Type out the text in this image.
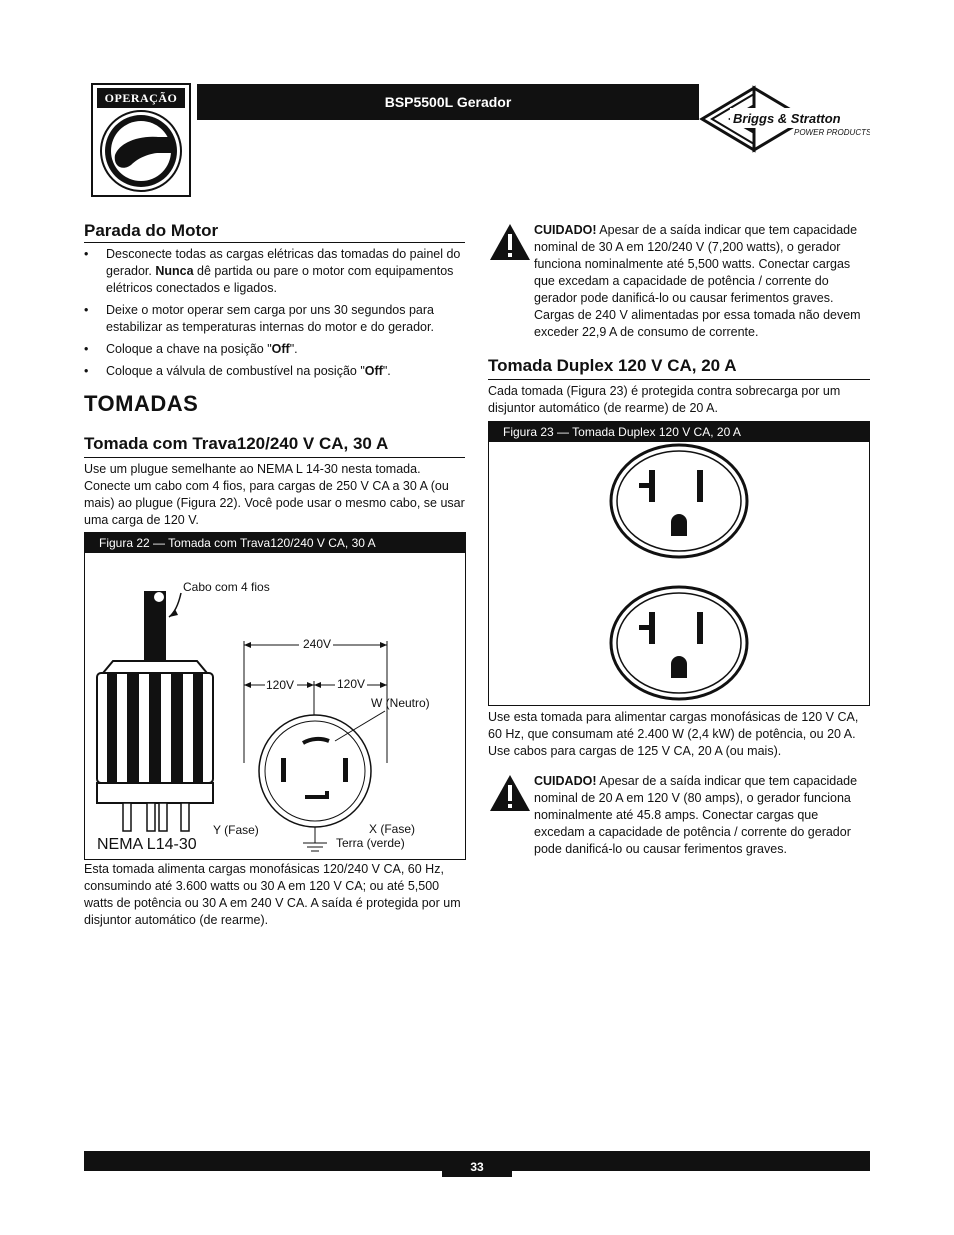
OPERAÇÃO	BSP5500L Gerador
Briggs & Stratton
POWER PRODUCTS
Parada do Motor
• Desconecte todas as cargas elétricas das tomadas do painel do gerador. Nunca dê partida ou pare o motor com equipamentos elétricos conectados e ligados.
• Deixe o motor operar sem carga por uns 30 segundos para estabilizar as temperaturas internas do motor e do gerador.
• Coloque a chave na posição "Off".
• Coloque a válvula de combustível na posição "Off".
TOMADAS
Tomada com Trava120/240 V CA, 30 A
Use um plugue semelhante ao NEMA L 14-30 nesta tomada. Conecte um cabo com 4 fios, para cargas de 250 V CA a 30 A (ou mais) ao plugue (Figura 22). Você pode usar o mesmo cabo, se usar uma carga de 120 V.
Figura 22 — Tomada com Trava120/240 V CA, 30 A
Cabo com 4 fios
NEMA L14-30
240V
120V	120V
W (Neutro)
Y (Fase)	X (Fase)
Terra (verde)
Esta tomada alimenta cargas monofásicas 120/240 V CA, 60 Hz, consumindo até 3.600 watts ou 30 A em 120 V CA; ou até 5,500 watts de potência ou 30 A em 240 V CA. A saída é protegida por um disjuntor automático (de rearme).
CUIDADO! Apesar de a saída indicar que tem capacidade nominal de 30 A em 120/240 V (7,200 watts), o gerador funciona nominalmente até 5,500 watts. Conectar cargas que excedam a capacidade de potência / corrente do gerador pode danificá-lo ou causar ferimentos graves. Cargas de 240 V alimentadas por essa tomada não devem exceder 22,9 A de consumo de corrente.
Tomada Duplex 120 V CA, 20 A
Cada tomada (Figura 23) é protegida contra sobrecarga por um disjuntor automático (de rearme) de 20 A.
Figura 23 — Tomada Duplex 120 V CA, 20 A
Use esta tomada para alimentar cargas monofásicas de 120 V CA, 60 Hz, que consumam até 2.400 W (2,4 kW) de potência, ou 20 A. Use cabos para cargas de 125 V CA, 20 A (ou mais).
CUIDADO! Apesar de a saída indicar que tem capacidade nominal de 20 A em 120 V (80 amps), o gerador funciona nominalmente até 45.8 amps. Conectar cargas que excedam a capacidade de potência / corrente do gerador pode danificá-lo ou causar ferimentos graves.
33
